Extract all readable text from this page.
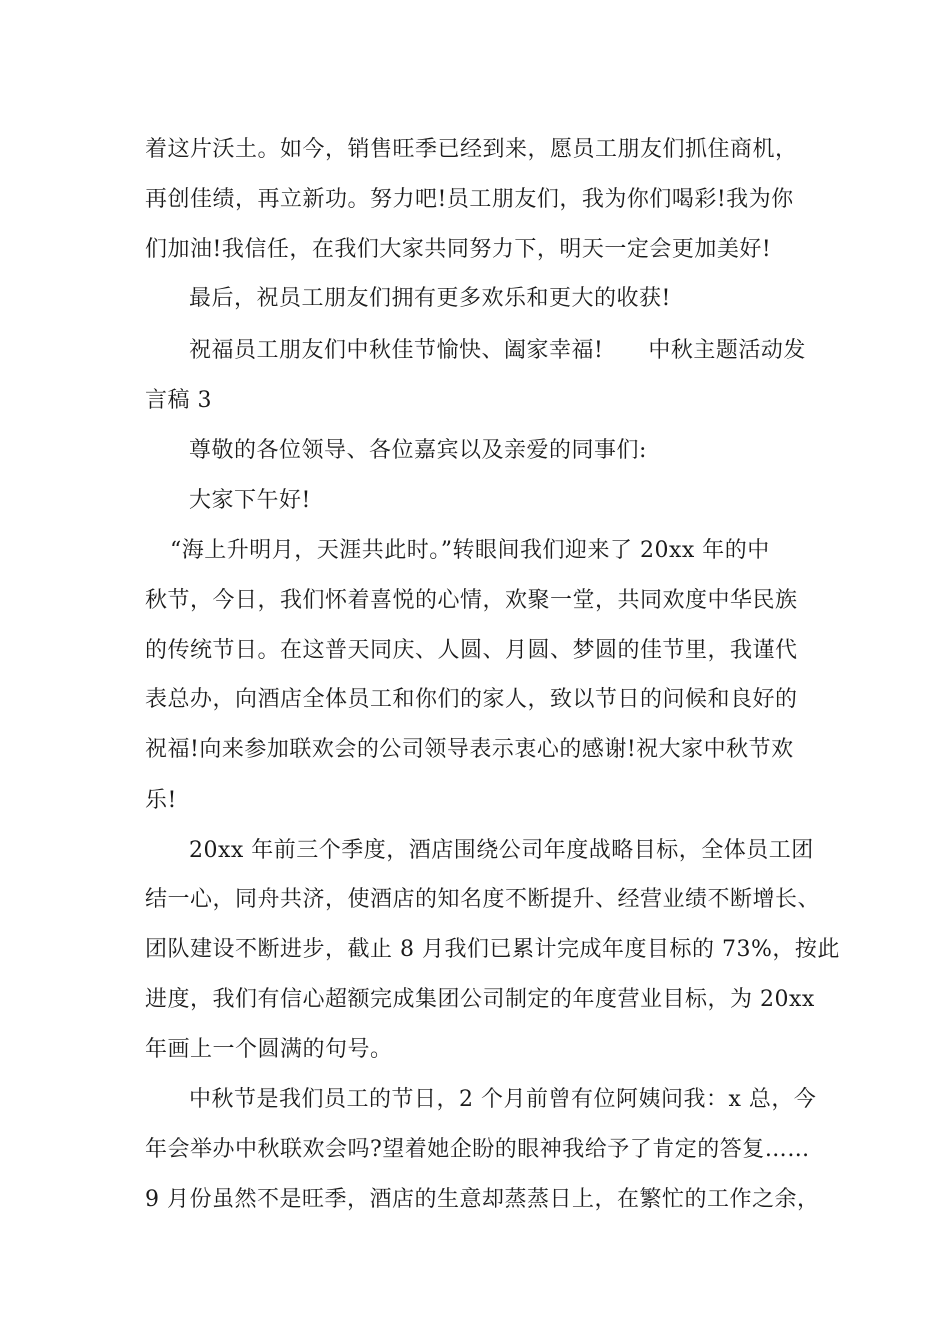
着这片沃土。如今，销售旺季已经到来，愿员工朋友们抓住商机，
再创佳绩，再立新功。努力吧!员工朋友们，我为你们喝彩!我为你
们加油!我信任，在我们大家共同努力下，明天一定会更加美好!
最后，祝员工朋友们拥有更多欢乐和更大的收获!
祝福员工朋友们中秋佳节愉快、阖家幸福!　　中秋主题活动发
言稿 3
尊敬的各位领导、各位嘉宾以及亲爱的同事们:
大家下午好!
“海上升明月，天涯共此时。”转眼间我们迎来了 20xx 年的中
秋节，今日，我们怀着喜悦的心情，欢聚一堂，共同欢度中华民族
的传统节日。在这普天同庆、人圆、月圆、梦圆的佳节里，我谨代
表总办，向酒店全体员工和你们的家人，致以节日的问候和良好的
祝福!向来参加联欢会的公司领导表示衷心的感谢!祝大家中秋节欢
乐!
20xx 年前三个季度，酒店围绕公司年度战略目标，全体员工团
结一心，同舟共济，使酒店的知名度不断提升、经营业绩不断增长、
团队建设不断进步，截止 8 月我们已累计完成年度目标的 73%，按此
进度，我们有信心超额完成集团公司制定的年度营业目标，为 20xx
年画上一个圆满的句号。
中秋节是我们员工的节日，2 个月前曾有位阿姨问我：x 总，今
年会举办中秋联欢会吗?望着她企盼的眼神我给予了肯定的答复……
9 月份虽然不是旺季，酒店的生意却蒸蒸日上，在繁忙的工作之余，
